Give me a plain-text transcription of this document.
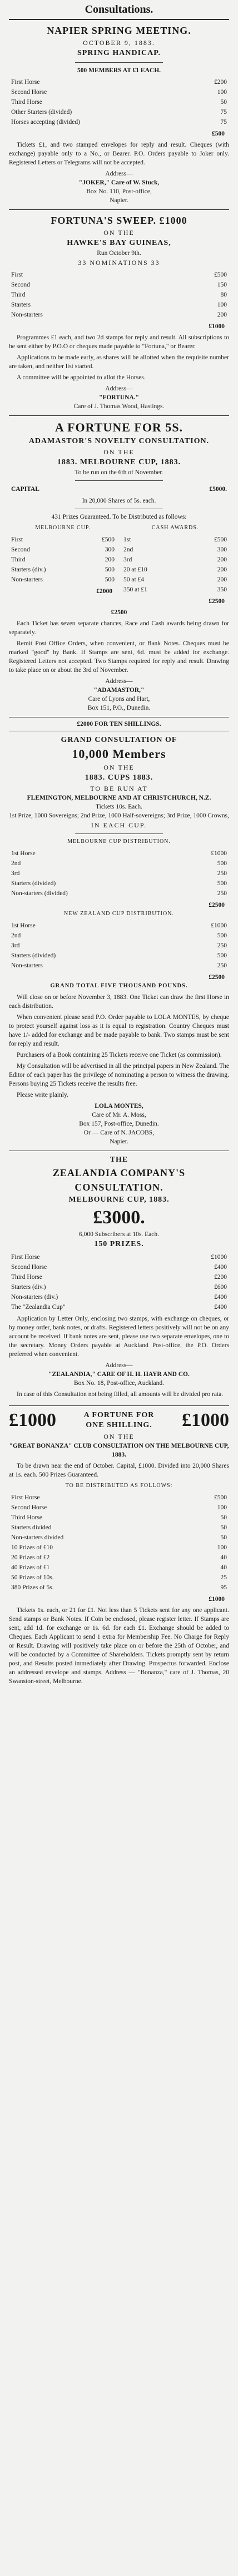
Consultations.
NAPIER SPRING MEETING.
OCTOBER 9, 1883.
SPRING HANDICAP.
500 MEMBERS AT £1 EACH.
First Horse	£200
Second Horse	100
Third Horse	50
Other Starters (divided)	75
Horses accepting (divided)	75
£500
Tickets £1, and two stamped envelopes for reply and result. Cheques (with exchange) payable only to a No., or Bearer. P.O. Orders payable to Joker only. Registered Letters or Telegrams will not be accepted.
Address—
"JOKER," Care of W. Stuck,
Box No. 110, Post-office,
Napier.
FORTUNA'S SWEEP. £1000
ON THE
HAWKE'S BAY GUINEAS,
Run October 9th.
33 NOMINATIONS 33
First	£500
Second	150
Third	80
Starters	100
Non-starters	200
£1000
Programmes £1 each, and two 2d stamps for reply and result. All subscriptions to be sent either by P.O.O or cheques made payable to "Fortuna," or Bearer.
Applications to be made early, as shares will be allotted when the requisite number are taken, and neither list started.
A committee will be appointed to allot the Horses.
Address—
"FORTUNA."
Care of J. Thomas Wood, Hastings.
A FORTUNE FOR 5S.
ADAMASTOR'S NOVELTY CONSULTATION.
ON THE
1883. MELBOURNE CUP, 1883.
To be run on the 6th of November.
CAPITAL	£5000.
In 20,000 Shares of 5s. each.
431 Prizes Guaranteed. To be Distributed as follows:
MELBOURNE CUP.
First	£500
Second	300
Third	200
Starters (div.)	500
Non-starters	500
£2000
CASH AWARDS.
1st	£500
2nd	300
3rd	200
20 at £10	200
50 at £4	200
350 at £1	350
£2500
£2500
Each Ticket has seven separate chances, Race and Cash awards being drawn for separately.
Remit Post Office Orders, when convenient, or Bank Notes. Cheques must be marked "good" by Bank. If Stamps are sent, 6d. must be added for exchange. Registered Letters not accepted. Two Stamps required for reply and result. Drawing to take place on or about the 3rd of November.
Address—
"ADAMASTOR,"
Care of Lyons and Hart,
Box 151, P.O., Dunedin.
£2000 FOR TEN SHILLINGS.
GRAND CONSULTATION OF
10,000 Members
ON THE
1883. CUPS 1883.
TO BE RUN AT
FLEMINGTON, MELBOURNE AND AT CHRISTCHURCH, N.Z.
Tickets 10s. Each.
1st Prize, 1000 Sovereigns; 2nd Prize, 1000 Half-sovereigns; 3rd Prize, 1000 Crowns,
IN EACH CUP.
MELBOURNE CUP DISTRIBUTION.
1st Horse	£1000
2nd	500
3rd	250
Starters (divided)	500
Non-starters (divided)	250
£2500
NEW ZEALAND CUP DISTRIBUTION.
1st Horse	£1000
2nd	500
3rd	250
Starters (divided)	500
Non-starters	250
£2500
GRAND TOTAL FIVE THOUSAND POUNDS.
Will close on or before November 3, 1883. One Ticket can draw the first Horse in each distribution.
When convenient please send P.O. Order payable to LOLA MONTES, by cheque to protect yourself against loss as it is equal to registration. Country Cheques must have 1/- added for exchange and be made payable to bank. Two stamps must be sent for reply and result.
Purchasers of a Book containing 25 Tickets receive one Ticket (as commission).
My Consultation will be advertised in all the principal papers in New Zealand. The Editor of each paper has the privilege of nominating a person to witness the drawing. Persons buying 25 Tickets receive the results free.
Please write plainly.
LOLA MONTES,
Care of Mr. A. Moss,
Box 157, Post-office, Dunedin.
Or — Care of N. JACOBS,
Napier.
THE
ZEALANDIA COMPANY'S CONSULTATION.
MELBOURNE CUP, 1883.
£3000.
6,000 Subscribers at 10s. Each.
150 PRIZES.
First Horse	£1000
Second Horse	£400
Third Horse	£200
Starters (div.)	£600
Non-starters (div.)	£400
The "Zealandia Cup"	£400
Application by Letter Only, enclosing two stamps, with exchange on cheques, or by money order, bank notes, or drafts. Registered letters positively will not be on any account be received. If bank notes are sent, please use two separate envelopes, one to the secretary. Money Orders payable at Auckland Post-office, the P.O. Orders preferred when convenient.
Address—
"ZEALANDIA," CARE OF H. H. HAYR AND CO.
Box No. 18, Post-office, Auckland.
In case of this Consultation not being filled, all amounts will be divided pro rata.
£1000	A FORTUNE FOR
ONE SHILLING. £1000
ON THE
"GREAT BONANZA" CLUB CONSULTATION ON THE MELBOURNE CUP, 1883.
To be drawn near the end of October. Capital, £1000. Divided into 20,000 Shares at 1s. each. 500 Prizes Guaranteed.
TO BE DISTRIBUTED AS FOLLOWS:
First Horse	£500
Second Horse	100
Third Horse	50
Starters divided	50
Non-starters divided	50
10 Prizes of £10	100
20 Prizes of £2	40
40 Prizes of £1	40
50 Prizes of 10s.	25
380 Prizes of 5s.	95
£1000
Tickets 1s. each, or 21 for £1. Not less than 5 Tickets sent for any one applicant. Send stamps or Bank Notes. If Coin be enclosed, please register letter. If Stamps are sent, add 1d. for exchange or 1s. 6d. for each £1. Exchange should be added to Cheques. Each Applicant to send 1 extra for Membership Fee. No Charge for Reply or Result. Drawing will positively take place on or before the 25th of October, and will be conducted by a Committee of Shareholders. Tickets promptly sent by return post, and Results posted immediately after Drawing. Prospectus forwarded. Enclose an addressed envelope and stamps. Address — "Bonanza," care of J. Thomas, 20 Swanston-street, Melbourne.
